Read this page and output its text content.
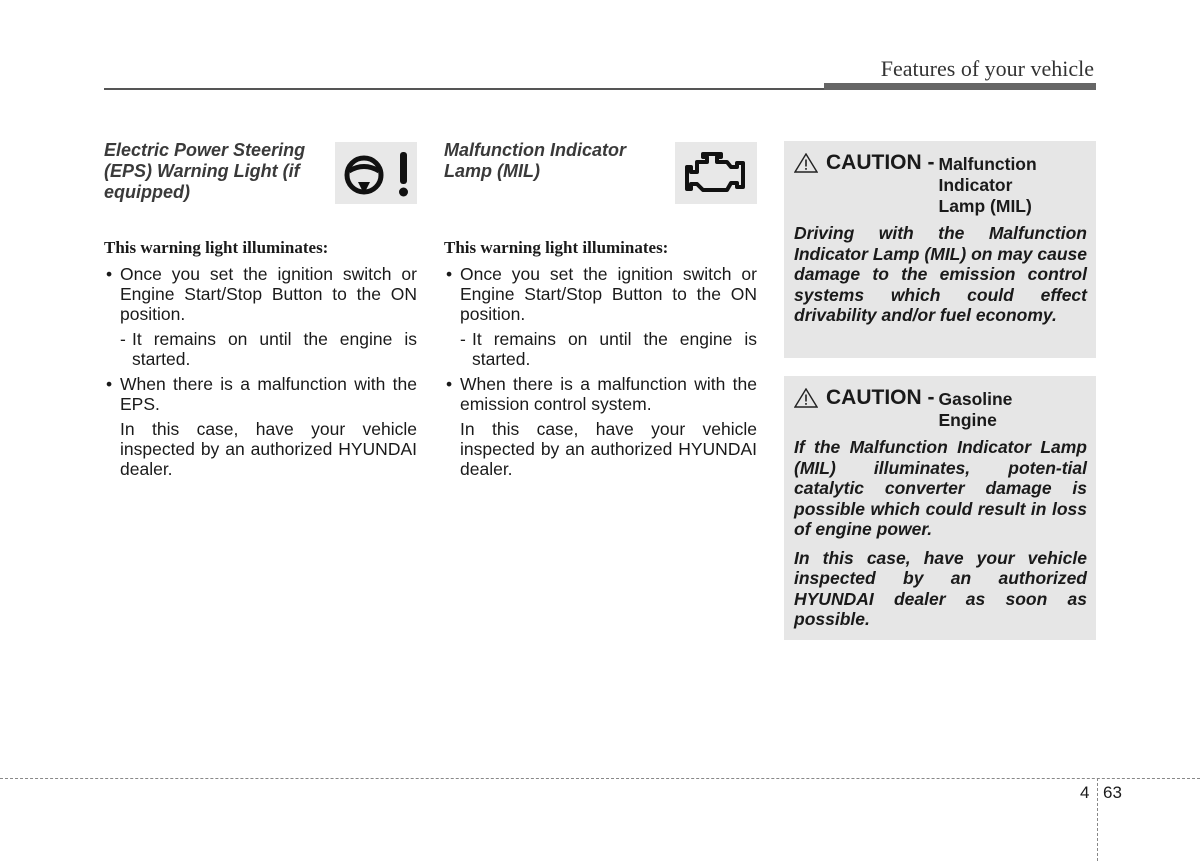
Features of your vehicle
Electric Power Steering (EPS) Warning Light (if equipped)
This warning light illuminates:
• Once you set the ignition switch or Engine Start/Stop Button to the ON position.
- It remains on until the engine is started.
• When there is a malfunction with the EPS.
In this case, have your vehicle inspected by an authorized HYUNDAI dealer.
Malfunction Indicator Lamp (MIL)
This warning light illuminates:
• Once you set the ignition switch or Engine Start/Stop Button to the ON position.
- It remains on until the engine is started.
• When there is a malfunction with the emission control system.
In this case, have your vehicle inspected by an authorized HYUNDAI dealer.
CAUTION - Malfunction Indicator Lamp (MIL)

Driving with the Malfunction Indicator Lamp (MIL) on may cause damage to the emission control systems which could effect drivability and/or fuel economy.

CAUTION - Gasoline Engine

If the Malfunction Indicator Lamp (MIL) illuminates, poten-tial catalytic converter damage is possible which could result in loss of engine power.

In this case, have your vehicle inspected by an authorized HYUNDAI dealer as soon as possible.

4 63
